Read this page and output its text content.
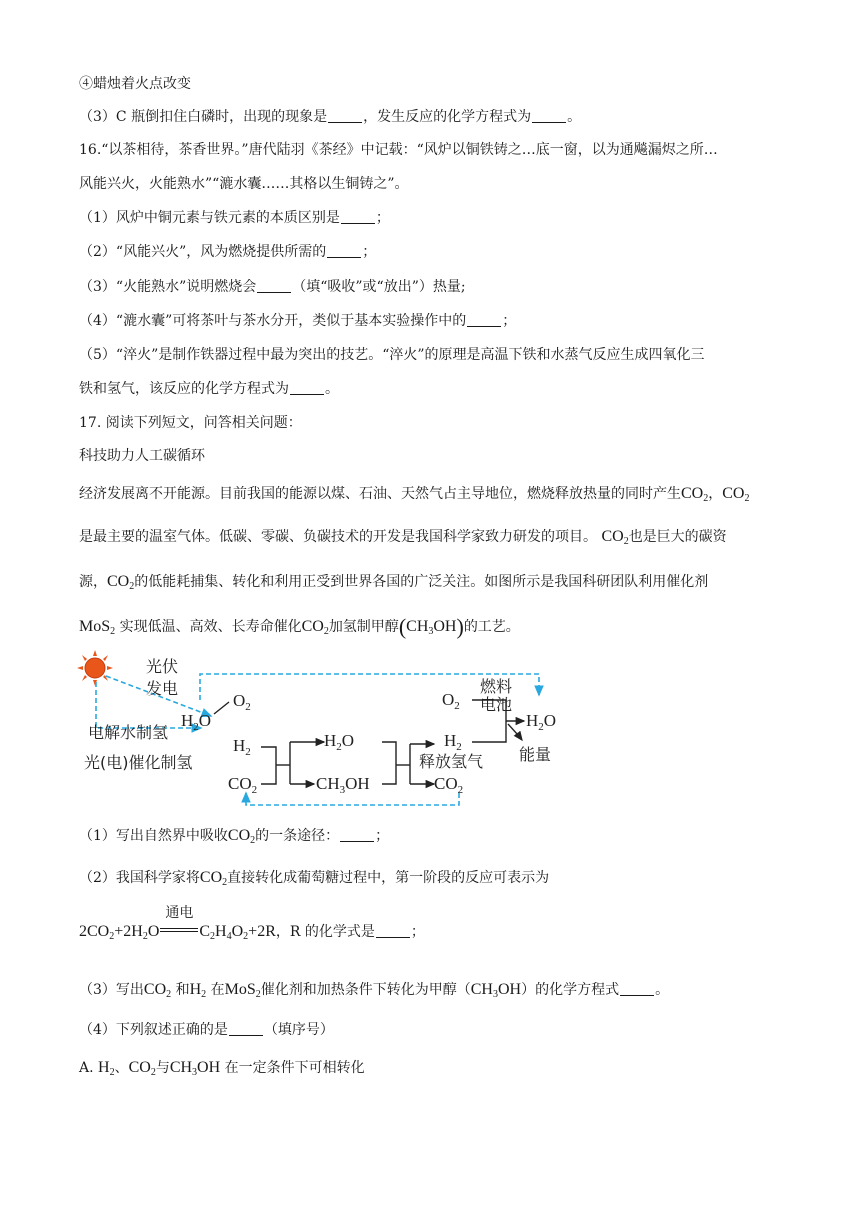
④蜡烛着火点改变
（3）C 瓶倒扣住白磷时，出现的现象是	，发生反应的化学方程式为	。
16.“以茶相待，茶香世界。”唐代陆羽《茶经》中记载：“风炉以铜铁铸之…底一窗，以为通飚漏烬之所…
风能兴火，火能熟水”“漉水囊……其格以生铜铸之”。
（1）风炉中铜元素与铁元素的本质区别是	；
（2）“风能兴火”，风为燃烧提供所需的	；
（3）“火能熟水”说明燃烧会	（填“吸收”或“放出”）热量;
（4）“漉水囊”可将茶叶与茶水分开，类似于基本实验操作中的	；
（5）“淬火”是制作铁器过程中最为突出的技艺。“淬火”的原理是高温下铁和水蒸气反应生成四氧化三
铁和氢气，该反应的化学方程式为	。
17. 阅读下列短文，问答相关问题：
科技助力人工碳循环
经济发展离不开能源。目前我国的能源以煤、石油、天然气占主导地位，燃烧释放热量的同时产生$CO_2$，$CO_2$
是最主要的温室气体。低碳、零碳、负碳技术的开发是我国科学家致力研发的项目。 $CO_2$也是巨大的碳资
源，$CO_2$的低能耗捕集、转化和利用正受到世界各国的广泛关注。如图所示是我国科研团队利用催化剂
MoS$_2$ 实现低温、高效、长寿命催化$CO_2$加氢制甲醇$(CH_3OH)$的工艺。
$O_2$
$H_2O$
$H_2$
$CO_2$
$H_2O$
$CH_3OH$
$O_2$
$H_2$
$CO_2$
$H_2O$
光伏
发电
电解水制氢
光(电)催化制氢
燃料
电池
释放氢气 能量
（1）写出自然界中吸收$CO_2$的一条途径：	；
（2）我国科学家将$CO_2$直接转化成葡萄糖过程中，第一阶段的反应可表示为
$2CO_2+2H_2O$
通电
$C_2H_4O_2+2R$，R 的化学式是	；
（3）写出$CO_2$ 和$H_2$ 在MoS$_2$催化剂和加热条件下转化为甲醇$(CH_3OH)$的化学方程式	。
（4）下列叙述正确的是	（填序号）
A. $H_2$、$CO_2$与$CH_3OH$ 在一定条件下可相转化
